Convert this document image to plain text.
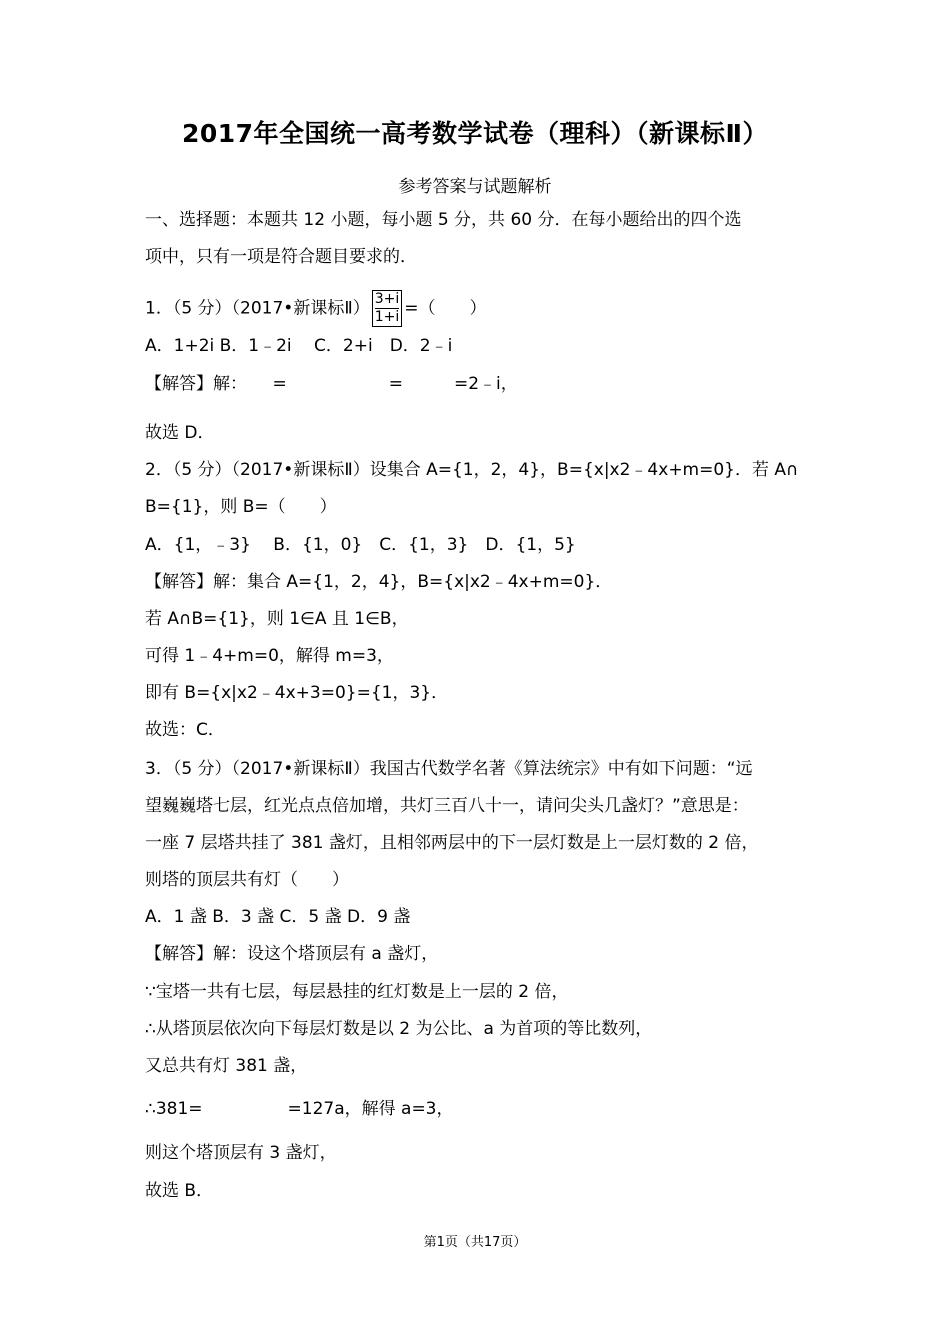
2017年全国统一高考数学试卷（理科）（新课标Ⅱ）
参考答案与试题解析
一、选择题：本题共 12 小题，每小题 5 分，共 60 分．在每小题给出的四个选
项中，只有一项是符合题目要求的．
1．（5 分）（2017•新课标Ⅱ） $\frac{3+i}{1+i}$ =（　　）
A．1+2i B．1﹣2i　 C．2+i　D．2﹣i
【解答】解：　　=　　　　　　=　　　=2﹣i，
故选 D．
2．（5 分）（2017•新课标Ⅱ）设集合 A={1，2，4}，B={x|x2﹣4x+m=0}．若 A∩
B={1}，则 B=（　　）
A．{1，﹣3}　 B．{1，0}　C．{1，3}　D．{1，5}
【解答】解：集合 A={1，2，4}，B={x|x2﹣4x+m=0}．
若 A∩B={1}，则 1∈A 且 1∈B，
可得 1﹣4+m=0，解得 m=3，
即有 B={x|x2﹣4x+3=0}={1，3}．
故选：C．
3．（5 分）（2017•新课标Ⅱ）我国古代数学名著《算法统宗》中有如下问题：“远
望巍巍塔七层，红光点点倍加增，共灯三百八十一，请问尖头几盏灯？”意思是：
一座 7 层塔共挂了 381 盏灯，且相邻两层中的下一层灯数是上一层灯数的 2 倍，
则塔的顶层共有灯（　　）
A．1 盏 B．3 盏 C．5 盏 D．9 盏
【解答】解：设这个塔顶层有 a 盏灯，
∵宝塔一共有七层，每层悬挂的红灯数是上一层的 2 倍，
∴从塔顶层依次向下每层灯数是以 2 为公比、a 为首项的等比数列，
又总共有灯 381 盏，
∴381=　　　　　=127a，解得 a=3，
则这个塔顶层有 3 盏灯，
故选 B．
第1页（共17页）
